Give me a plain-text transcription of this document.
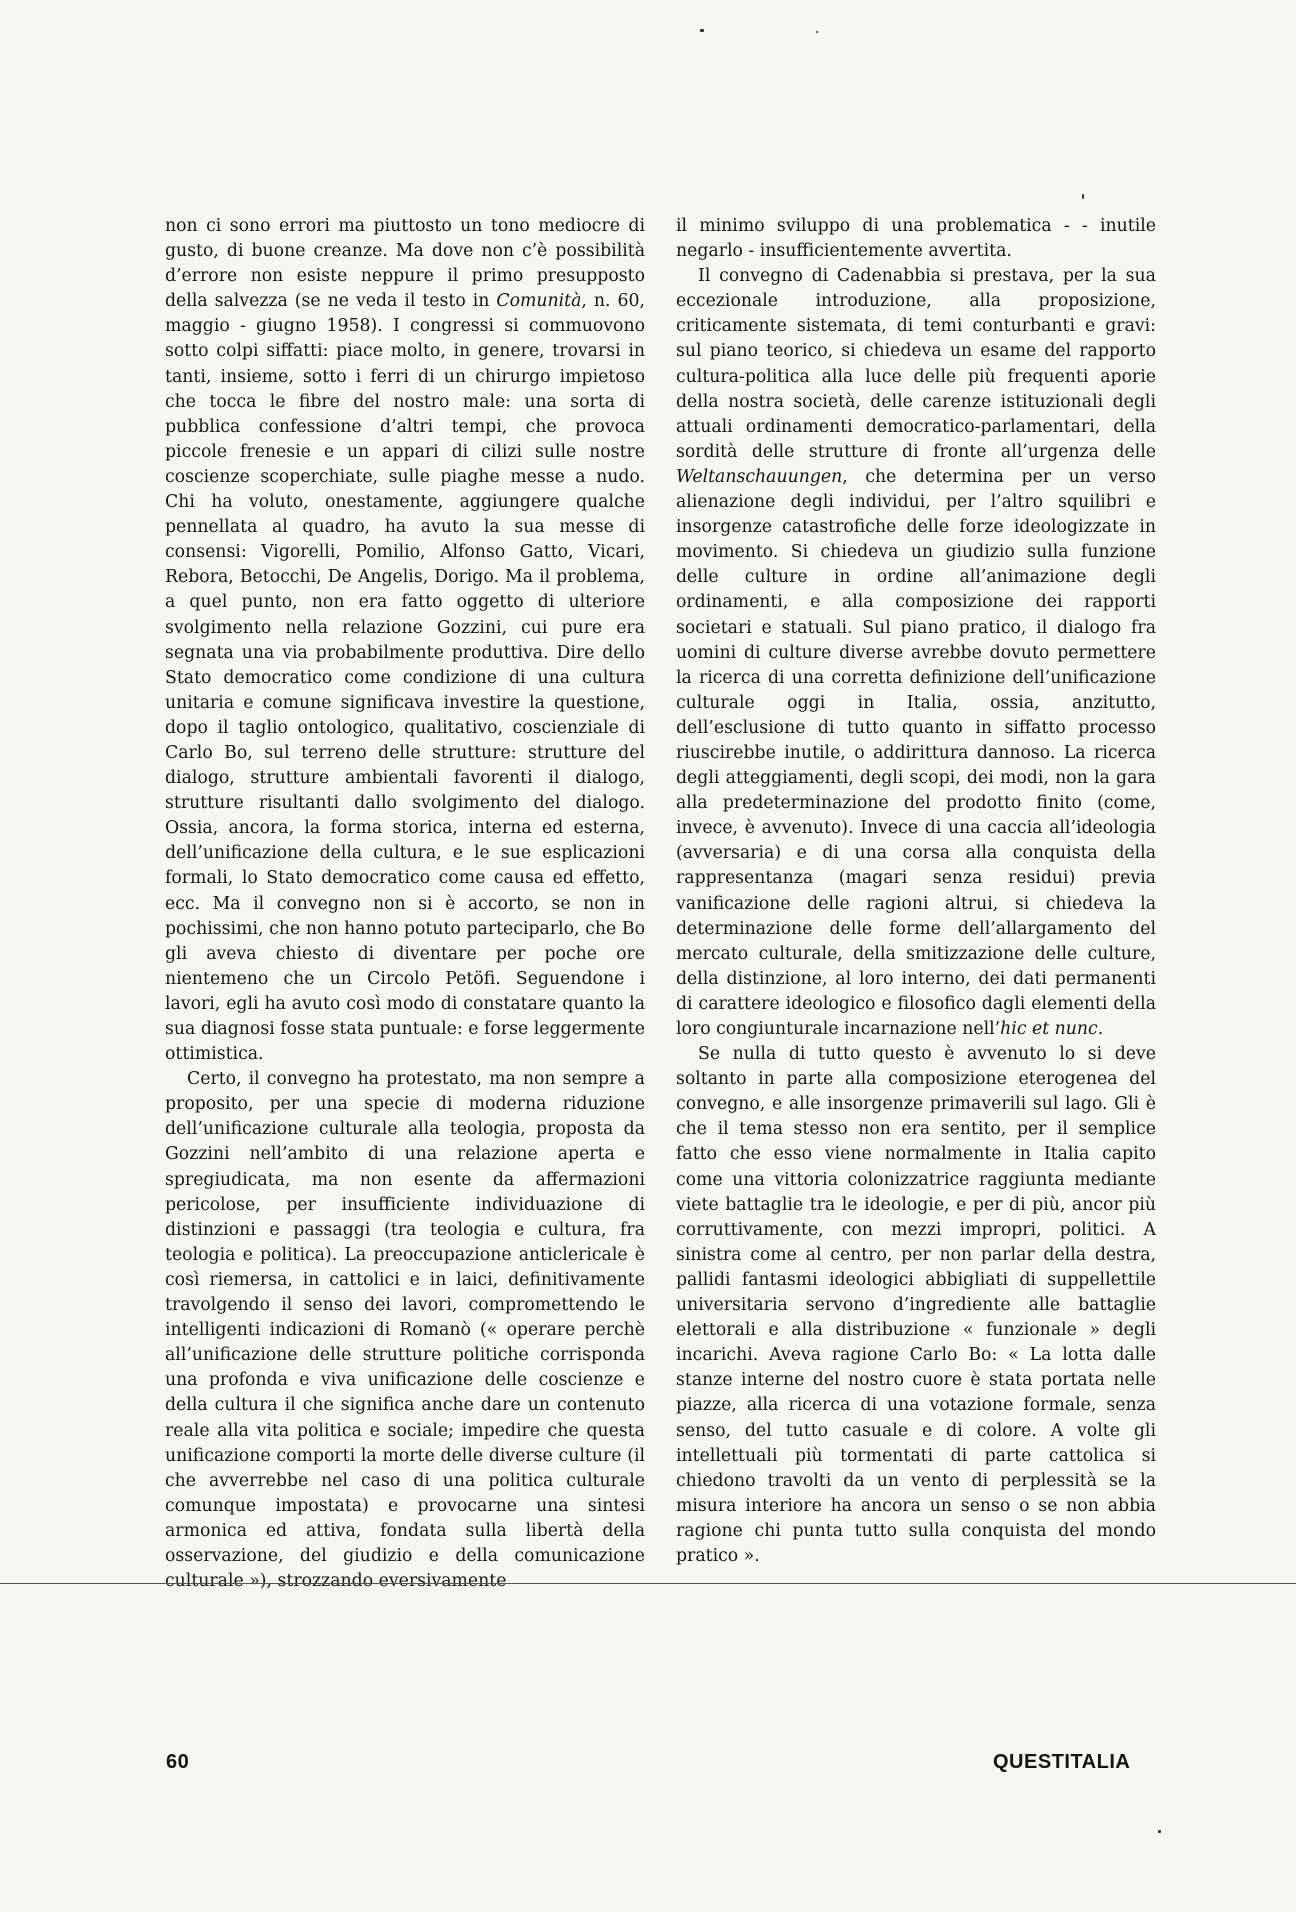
non ci sono errori ma piuttosto un tono mediocre di gusto, di buone creanze. Ma dove non c’è possibilità d’errore non esiste neppure il primo presupposto della salvezza (se ne veda il testo in Comunità, n. 60, maggio - giugno 1958). I congressi si commuovono sotto colpi siffatti: piace molto, in genere, trovarsi in tanti, insieme, sotto i ferri di un chirurgo impietoso che tocca le fibre del nostro male: una sorta di pubblica confessione d’altri tempi, che provoca piccole frenesie e un appari di cilizi sulle nostre coscienze scoperchiate, sulle piaghe messe a nudo. Chi ha voluto, onestamente, aggiungere qualche pennellata al quadro, ha avuto la sua messe di consensi: Vigorelli, Pomilio, Alfonso Gatto, Vicari, Rebora, Betocchi, De Angelis, Dorigo. Ma il problema, a quel punto, non era fatto oggetto di ulteriore svolgimento nella relazione Gozzini, cui pure era segnata una via probabilmente produttiva. Dire dello Stato democratico come condizione di una cultura unitaria e comune significava investire la questione, dopo il taglio ontologico, qualitativo, coscienziale di Carlo Bo, sul terreno delle strutture: strutture del dialogo, strutture ambientali favorenti il dialogo, strutture risultanti dallo svolgimento del dialogo. Ossia, ancora, la forma storica, interna ed esterna, dell’unificazione della cultura, e le sue esplicazioni formali, lo Stato democratico come causa ed effetto, ecc. Ma il convegno non si è accorto, se non in pochissimi, che non hanno potuto parteciparlo, che Bo gli aveva chiesto di diventare per poche ore nientemeno che un Circolo Petöfi. Seguendone i lavori, egli ha avuto così modo di constatare quanto la sua diagnosi fosse stata puntuale: e forse leggermente ottimistica.

Certo, il convegno ha protestato, ma non sempre a proposito, per una specie di moderna riduzione dell’unificazione culturale alla teologia, proposta da Gozzini nell’ambito di una relazione aperta e spregiudicata, ma non esente da affermazioni pericolose, per insufficiente individuazione di distinzioni e passaggi (tra teologia e cultura, fra teologia e politica). La preoccupazione anticlericale è così riemersa, in cattolici e in laici, definitivamente travolgendo il senso dei lavori, compromettendo le intelligenti indicazioni di Romanò (« operare perchè all’unificazione delle strutture politiche corrisponda una profonda e viva unificazione delle coscienze e della cultura il che significa anche dare un contenuto reale alla vita politica e sociale; impedire che questa unificazione comporti la morte delle diverse culture (il che avverrebbe nel caso di una politica culturale comunque impostata) e provocarne una sintesi armonica ed attiva, fondata sulla libertà della osservazione, del giudizio e della comunicazione culturale »), strozzando eversivamente

il minimo sviluppo di una problematica - - inutile negarlo - insufficientemente avvertita.

Il convegno di Cadenabbia si prestava, per la sua eccezionale introduzione, alla proposizione, criticamente sistemata, di temi conturbanti e gravi: sul piano teorico, si chiedeva un esame del rapporto cultura-politica alla luce delle più frequenti aporie della nostra società, delle carenze istituzionali degli attuali ordinamenti democratico-parlamentari, della sordità delle strutture di fronte all’urgenza delle Weltanschauungen, che determina per un verso alienazione degli individui, per l’altro squilibri e insorgenze catastrofiche delle forze ideologizzate in movimento. Si chiedeva un giudizio sulla funzione delle culture in ordine all’animazione degli ordinamenti, e alla composizione dei rapporti societari e statuali. Sul piano pratico, il dialogo fra uomini di culture diverse avrebbe dovuto permettere la ricerca di una corretta definizione dell’unificazione culturale oggi in Italia, ossia, anzitutto, dell’esclusione di tutto quanto in siffatto processo riuscirebbe inutile, o addirittura dannoso. La ricerca degli atteggiamenti, degli scopi, dei modi, non la gara alla predeterminazione del prodotto finito (come, invece, è avvenuto). Invece di una caccia all’ideologia (avversaria) e di una corsa alla conquista della rappresentanza (magari senza residui) previa vanificazione delle ragioni altrui, si chiedeva la determinazione delle forme dell’allargamento del mercato culturale, della smitizzazione delle culture, della distinzione, al loro interno, dei dati permanenti di carattere ideologico e filosofico dagli elementi della loro congiunturale incarnazione nell’hic et nunc.

Se nulla di tutto questo è avvenuto lo si deve soltanto in parte alla composizione eterogenea del convegno, e alle insorgenze primaverili sul lago. Gli è che il tema stesso non era sentito, per il semplice fatto che esso viene normalmente in Italia capito come una vittoria colonizzatrice raggiunta mediante viete battaglie tra le ideologie, e per di più, ancor più corruttivamente, con mezzi impropri, politici. A sinistra come al centro, per non parlar della destra, pallidi fantasmi ideologici abbigliati di suppellettile universitaria servono d’ingrediente alle battaglie elettorali e alla distribuzione « funzionale » degli incarichi. Aveva ragione Carlo Bo: « La lotta dalle stanze interne del nostro cuore è stata portata nelle piazze, alla ricerca di una votazione formale, senza senso, del tutto casuale e di colore. A volte gli intellettuali più tormentati di parte cattolica si chiedono travolti da un vento di perplessità se la misura interiore ha ancora un senso o se non abbia ragione chi punta tutto sulla conquista del mondo pratico ».

60	QUESTITALIA
